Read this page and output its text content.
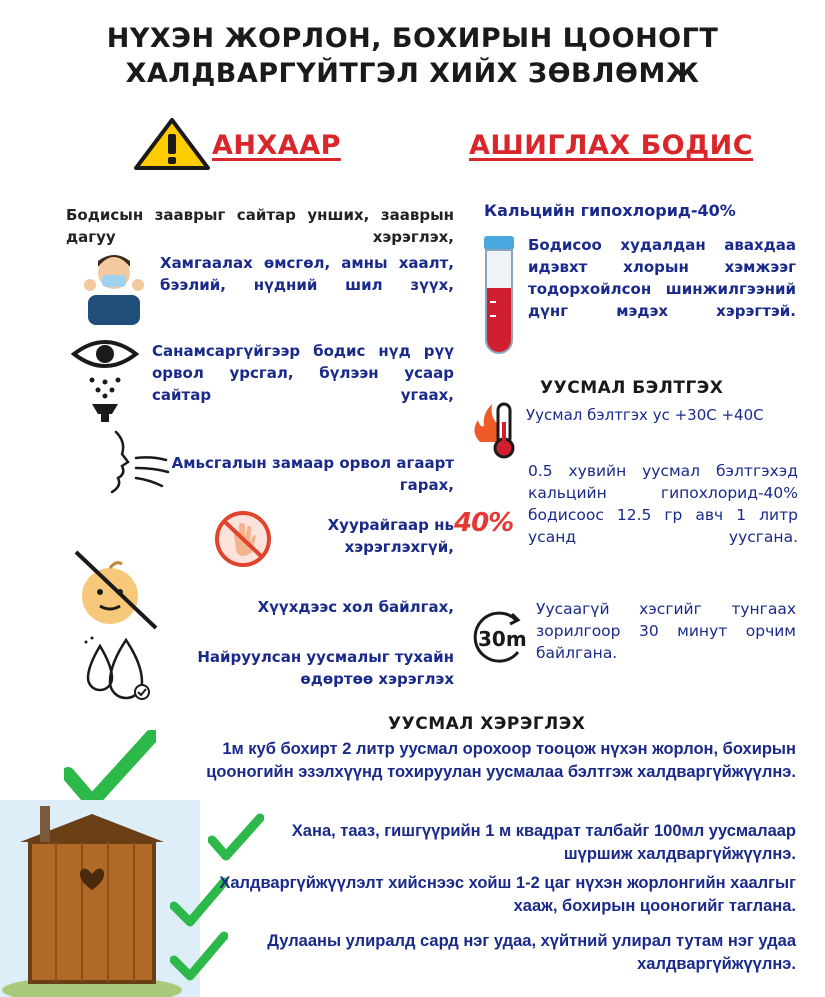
НҮХЭН ЖОРЛОН, БОХИРЫН ЦООНОГТ
ХАЛДВАРГҮЙТГЭЛ ХИЙХ ЗӨВЛӨМЖ
АНХААР	АШИГЛАХ БОДИС
Бодисын заавpыг сайтар унших, заавpын дагуу хэрэглэх,
Хамгаалах өмсгөл, амны хаалт, бээлий, нүдний шил зүүх,
Санамсаргүйгээр бодис нүд рүү орвол урсгал, бүлээн усаар сайтар угаах,
Амьсгалын замаар орвол агаарт гарах,
Хуурайгаар нь хэрэглэхгүй,
Хүүхдээс хол байлгах,
Найруулсан уусмалыг тухайн өдөртөө хэрэглэх
Кальцийн гипохлорид-40%
Бодисоо худалдан авахдаа идэвхт хлорын хэмжээг тодорхойлсон шинжилгээний дүнг мэдэх хэрэгтэй.
УУСМАЛ БЭЛТГЭХ
Уусмал бэлтгэх ус +30С +40С
40%
0.5 хувийн уусмал бэлтгэхэд кальцийн гипохлорид-40% бодисоос 12.5 гр авч 1 литр усанд уусгана.
30m
Уусаагүй хэсгийг тунгаах зорилгоор 30 минут орчим байлгана.
УУСМАЛ ХЭРЭГЛЭХ
1м куб бохирт 2 литр уусмал орохоор тооцож нүхэн жорлон, бохирын цооногийн эзэлхүүнд тохируулан уусмалаа бэлтгэж халдваргүйжүүлнэ.
Хана, тааз, гишгүүрийн 1 м квадрат талбайг 100мл уусмалаар шүршиж халдваргүйжүүлнэ.
Халдваргүйжүүлэлт хийснээс хойш 1-2 цаг нүхэн жорлонгийн хаалгыг хааж, бохирын цооногийг таглана.
Дулааны улиралд сард нэг удаа, хүйтний улирал тутам нэг удаа халдваргүйжүүлнэ.
